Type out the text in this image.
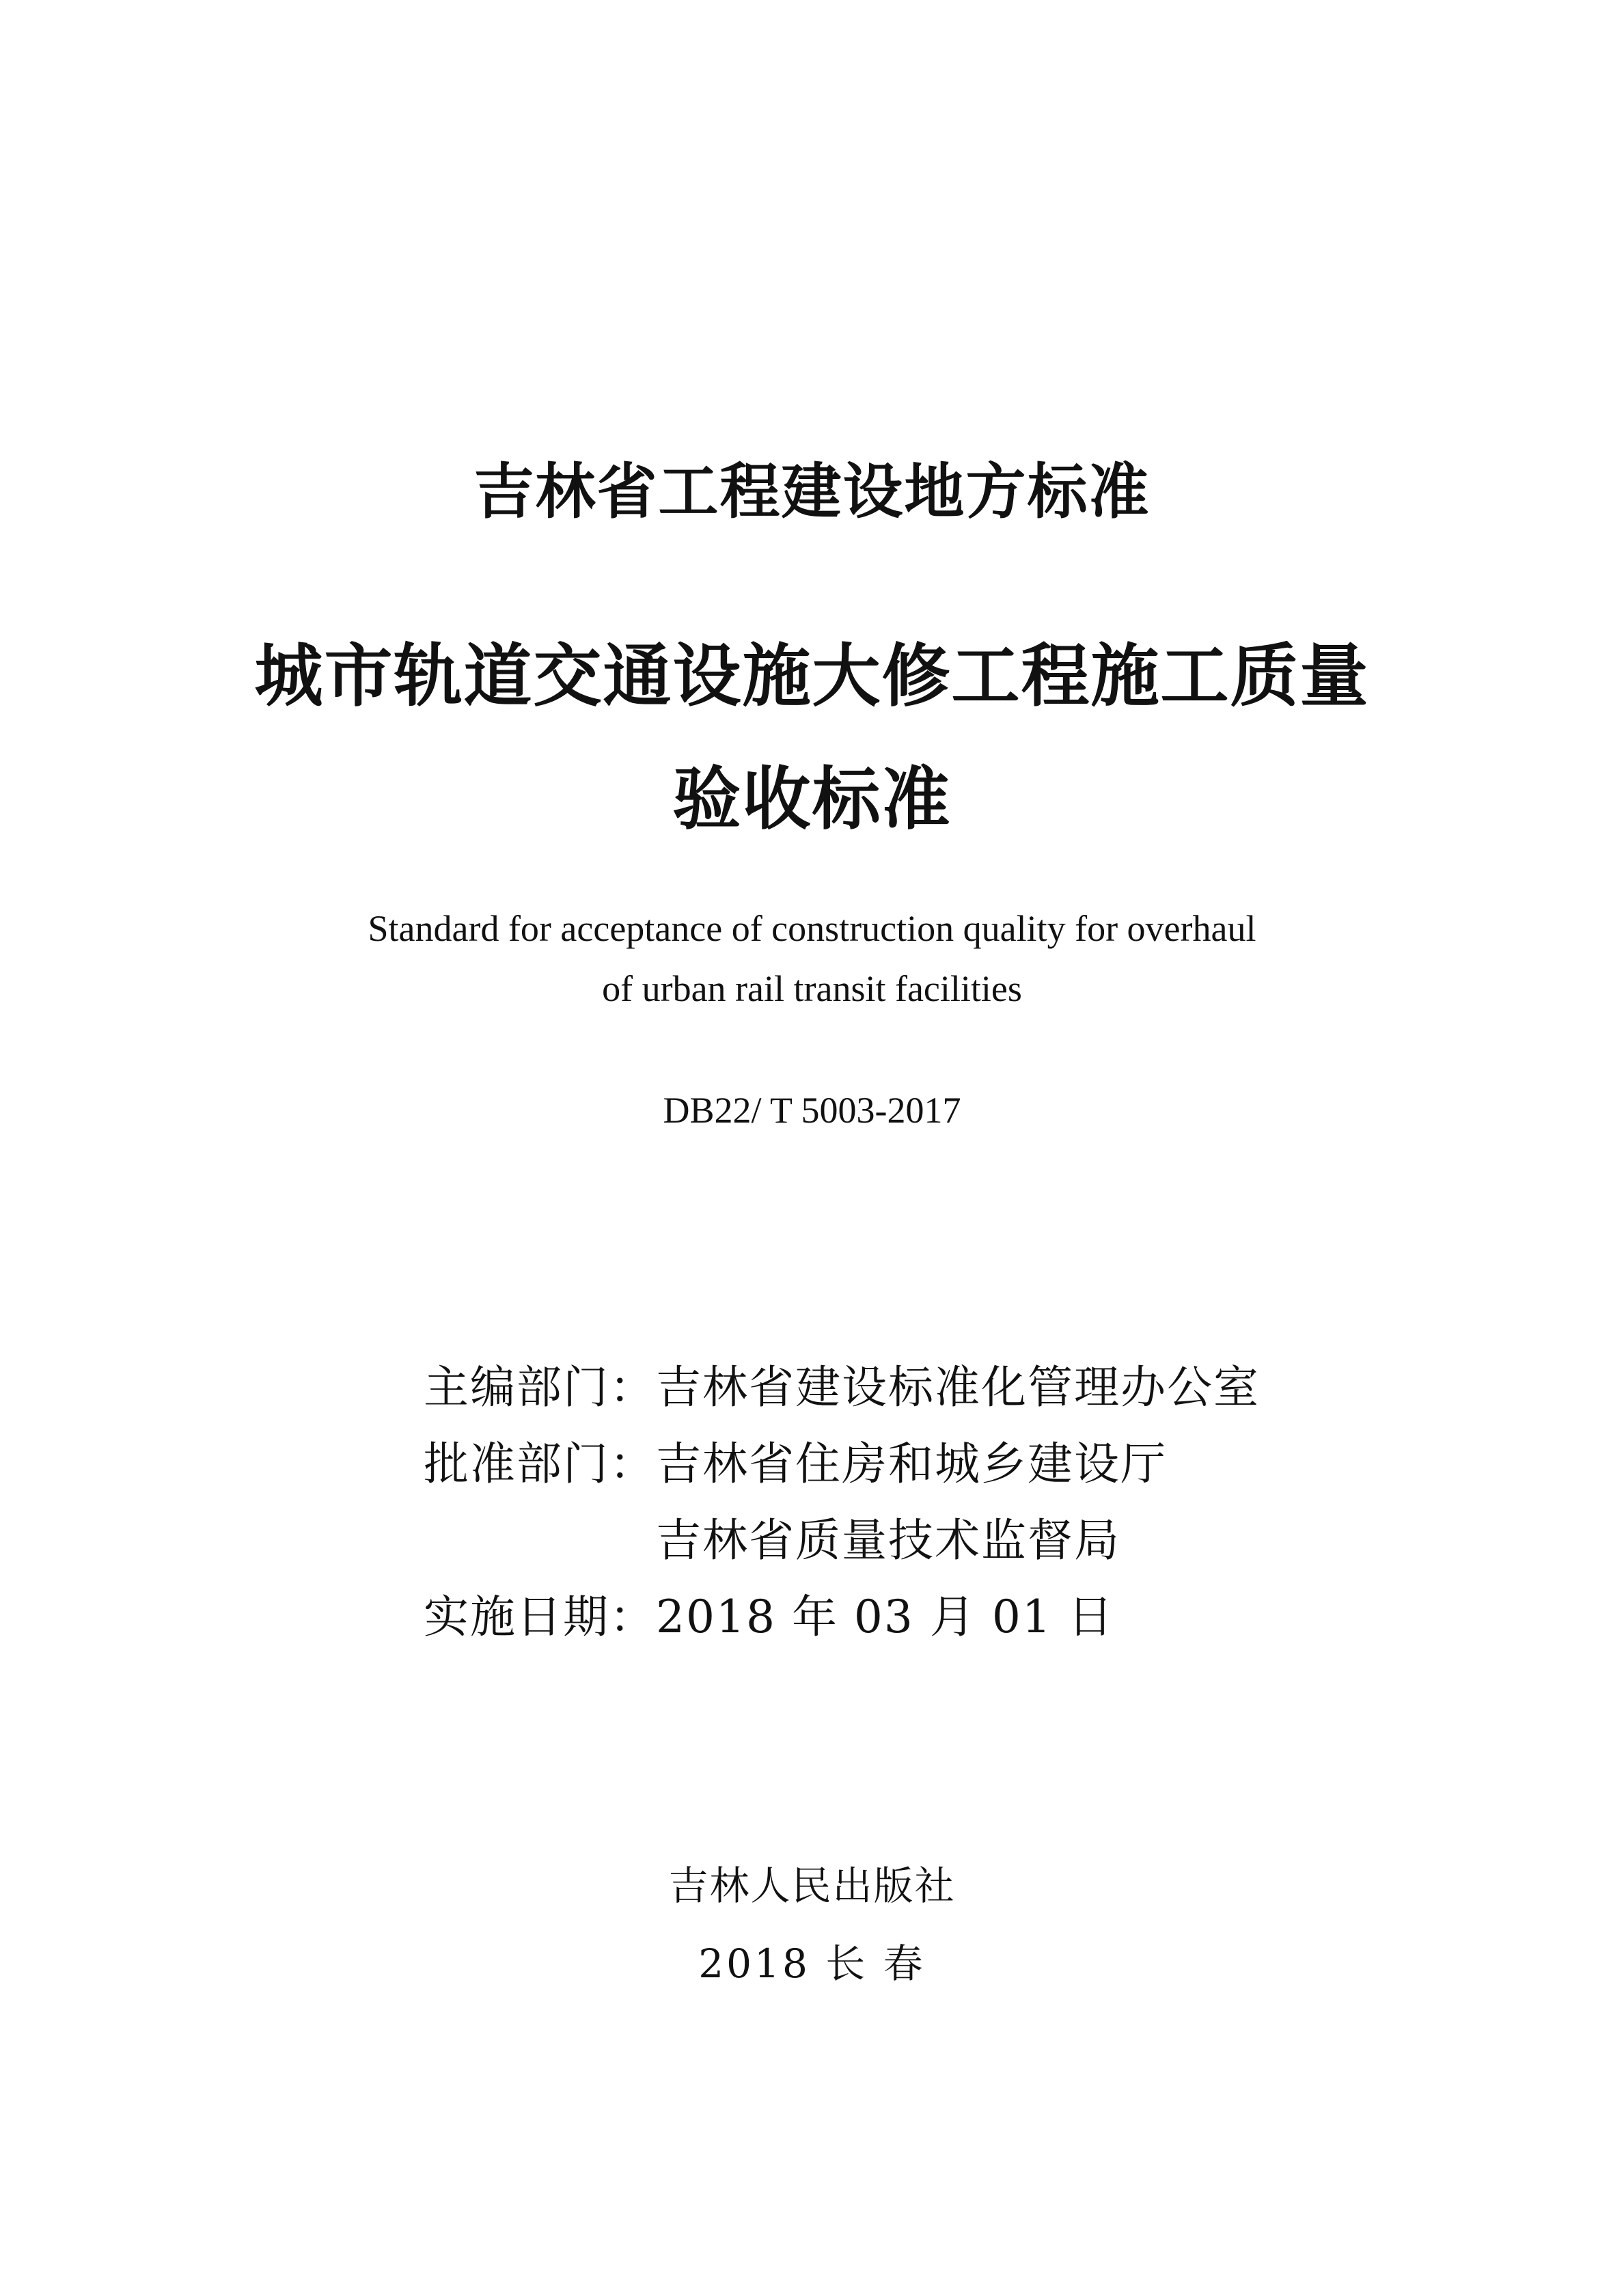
吉林省工程建设地方标准
城市轨道交通设施大修工程施工质量
验收标准
Standard for acceptance of construction quality for overhaul
of urban rail transit facilities
DB22/ T 5003-2017
主编部门： 吉林省建设标准化管理办公室
批准部门： 吉林省住房和城乡建设厅
吉林省质量技术监督局
实施日期： 2018 年 03 月 01 日
吉林人民出版社
2018 长 春
